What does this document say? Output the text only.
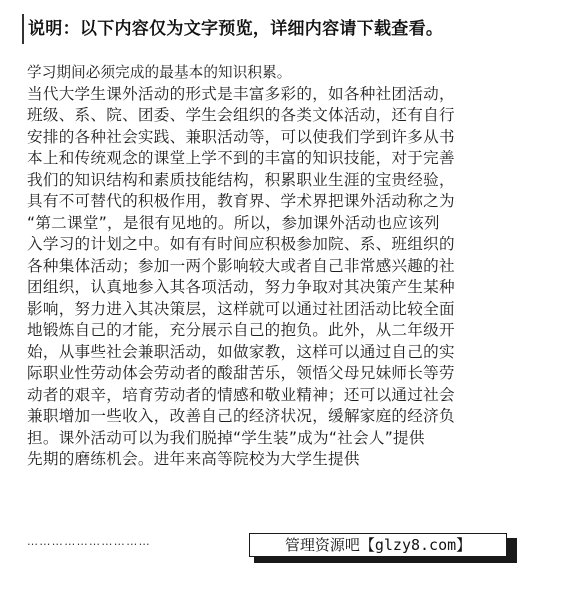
说明：以下内容仅为文字预览，详细内容请下载查看。
学习期间必须完成的最基本的知识积累。
当代大学生课外活动的形式是丰富多彩的，如各种社团活动，
班级、系、院、团委、学生会组织的各类文体活动，还有自行
安排的各种社会实践、兼职活动等，可以使我们学到许多从书
本上和传统观念的课堂上学不到的丰富的知识技能，对于完善
我们的知识结构和素质技能结构，积累职业生涯的宝贵经验，
具有不可替代的积极作用，教育界、学术界把课外活动称之为
“第二课堂”，是很有见地的。所以，参加课外活动也应该列
入学习的计划之中。如有有时间应积极参加院、系、班组织的
各种集体活动；参加一两个影响较大或者自己非常感兴趣的社
团组织，认真地参入其各项活动，努力争取对其决策产生某种
影响，努力进入其决策层，这样就可以通过社团活动比较全面
地锻炼自己的才能，充分展示自己的抱负。此外，从二年级开
始，从事些社会兼职活动，如做家教，这样可以通过自己的实
际职业性劳动体会劳动者的酸甜苦乐，领悟父母兄妹师长等劳
动者的艰辛，培育劳动者的情感和敬业精神；还可以通过社会
兼职增加一些收入，改善自己的经济状况，缓解家庭的经济负
担。课外活动可以为我们脱掉“学生装”成为“社会人”提供
先期的磨练机会。进年来高等院校为大学生提供
…………………………	管理资源吧【glzy8.com】
